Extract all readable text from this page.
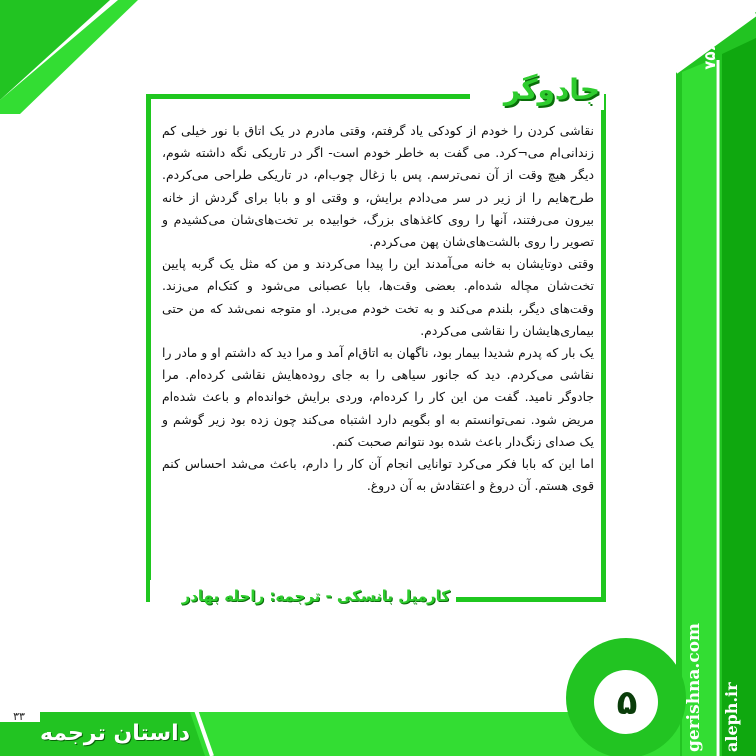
جادوگر

نقاشی کردن را خودم از کودکی یاد گرفتم، وقتی مادرم در یک اتاق با نور خیلی کم زندانی‌ام می¬کرد. می گفت به خاطر خودم است- اگر در تاریکی نگه داشته شوم، دیگر هیچ وقت از آن نمی‌ترسم. پس با زغال چوب‌ام، در تاریکی طراحی می‌کردم. طرح‌هایم را از زیر در سر می‌دادم برایش، و وقتی او و بابا برای گردش از خانه بیرون می‌رفتند، آنها را روی کاغذهای بزرگ، خوابیده بر تخت‌های‌شان می‌کشیدم و تصویر را روی بالشت‌های‌شان پهن می‌کردم.

وقتی دوتایشان به خانه می‌آمدند این را پیدا می‌کردند و من که مثل یک گربه پایین تخت‌شان مچاله شده‌ام. بعضی وقت‌ها، بابا عصبانی می‌شود و کتک‌ام می‌زند. وقت‌های دیگر، بلندم می‌کند و به تخت خودم می‌برد. او متوجه نمی‌شد که من حتی بیماری‌هایشان را نقاشی می‌کردم.

یک بار که پدرم شدیدا بیمار بود، ناگهان به اتاق‌ام آمد و مرا دید که داشتم او و مادر را نقاشی می‌کردم. دید که جانور سیاهی را به جای روده‌هایش نقاشی کرده‌ام. مرا جادوگر نامید. گفت من این کار را کرده‌ام، وردی برایش خوانده‌ام و باعث شده‌ام مریض شود. نمی‌توانستم به او بگویم دارد اشتباه می‌کند چون زده بود زیر گوشم و یک صدای زنگ‌دار باعث شده بود نتوانم صحبت کنم.

اما این که بابا فکر می‌کرد توانایی انجام آن کار را دارم، باعث می‌شد احساس کنم قوی هستم. آن دروغ و اعتقادش به آن دروغ.

کارمیل بانسکی - ترجمه: راحله بهادر
۷۵۶
۵
داستان ترجمه
۳۳	gerishna.com aleph.ir
